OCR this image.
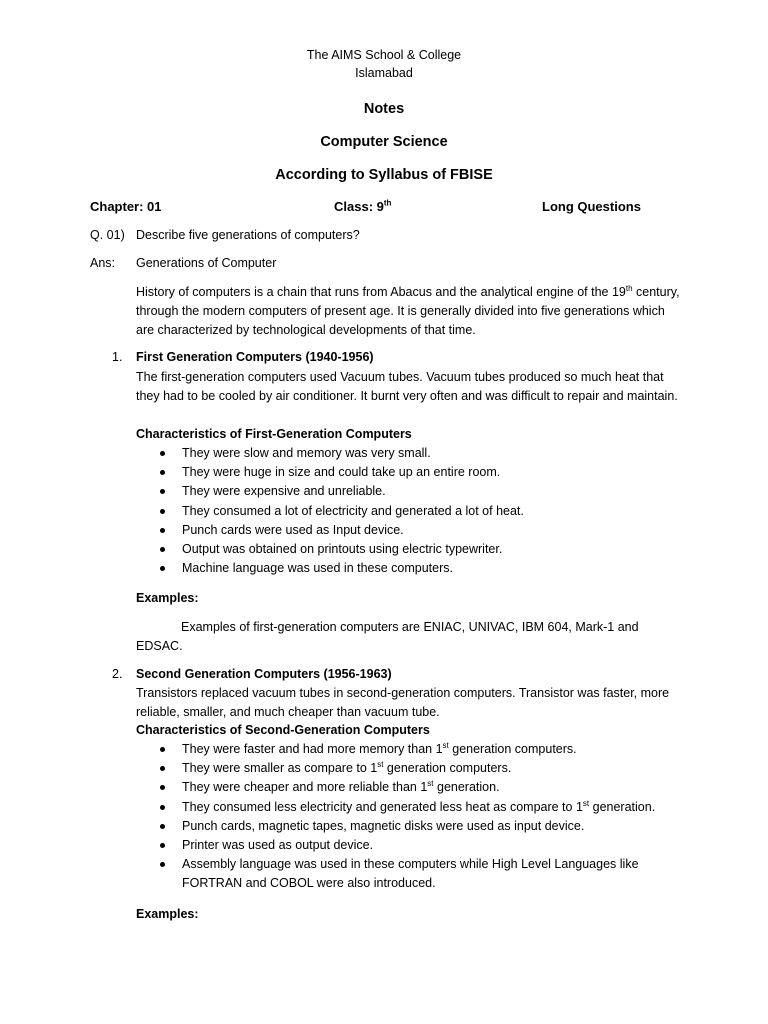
The AIMS School & College

Islamabad

Notes

Computer Science

According to Syllabus of FBISE

Chapter: 01	Class: 9th	Long Questions

Q. 01) Describe five generations of computers?

Ans: Generations of Computer

History of computers is a chain that runs from Abacus and the analytical engine of the 19th century, through the modern computers of present age. It is generally divided into five generations which are characterized by technological developments of that time.

1. First Generation Computers (1940-1956)

The first-generation computers used Vacuum tubes. Vacuum tubes produced so much heat that they had to be cooled by air conditioner. It burnt very often and was difficult to repair and maintain.

Characteristics of First-Generation Computers

They were slow and memory was very small.
They were huge in size and could take up an entire room.
They were expensive and unreliable.
They consumed a lot of electricity and generated a lot of heat.
Punch cards were used as Input device.
Output was obtained on printouts using electric typewriter.
Machine language was used in these computers.

Examples:

Examples of first-generation computers are ENIAC, UNIVAC, IBM 604, Mark-1 and EDSAC.

2. Second Generation Computers (1956-1963)

Transistors replaced vacuum tubes in second-generation computers. Transistor was faster, more reliable, smaller, and much cheaper than vacuum tube.

Characteristics of Second-Generation Computers

They were faster and had more memory than 1st generation computers.
They were smaller as compare to 1st generation computers.
They were cheaper and more reliable than 1st generation.
They consumed less electricity and generated less heat as compare to 1st generation.
Punch cards, magnetic tapes, magnetic disks were used as input device.
Printer was used as output device.
Assembly language was used in these computers while High Level Languages like FORTRAN and COBOL were also introduced.

Examples:
